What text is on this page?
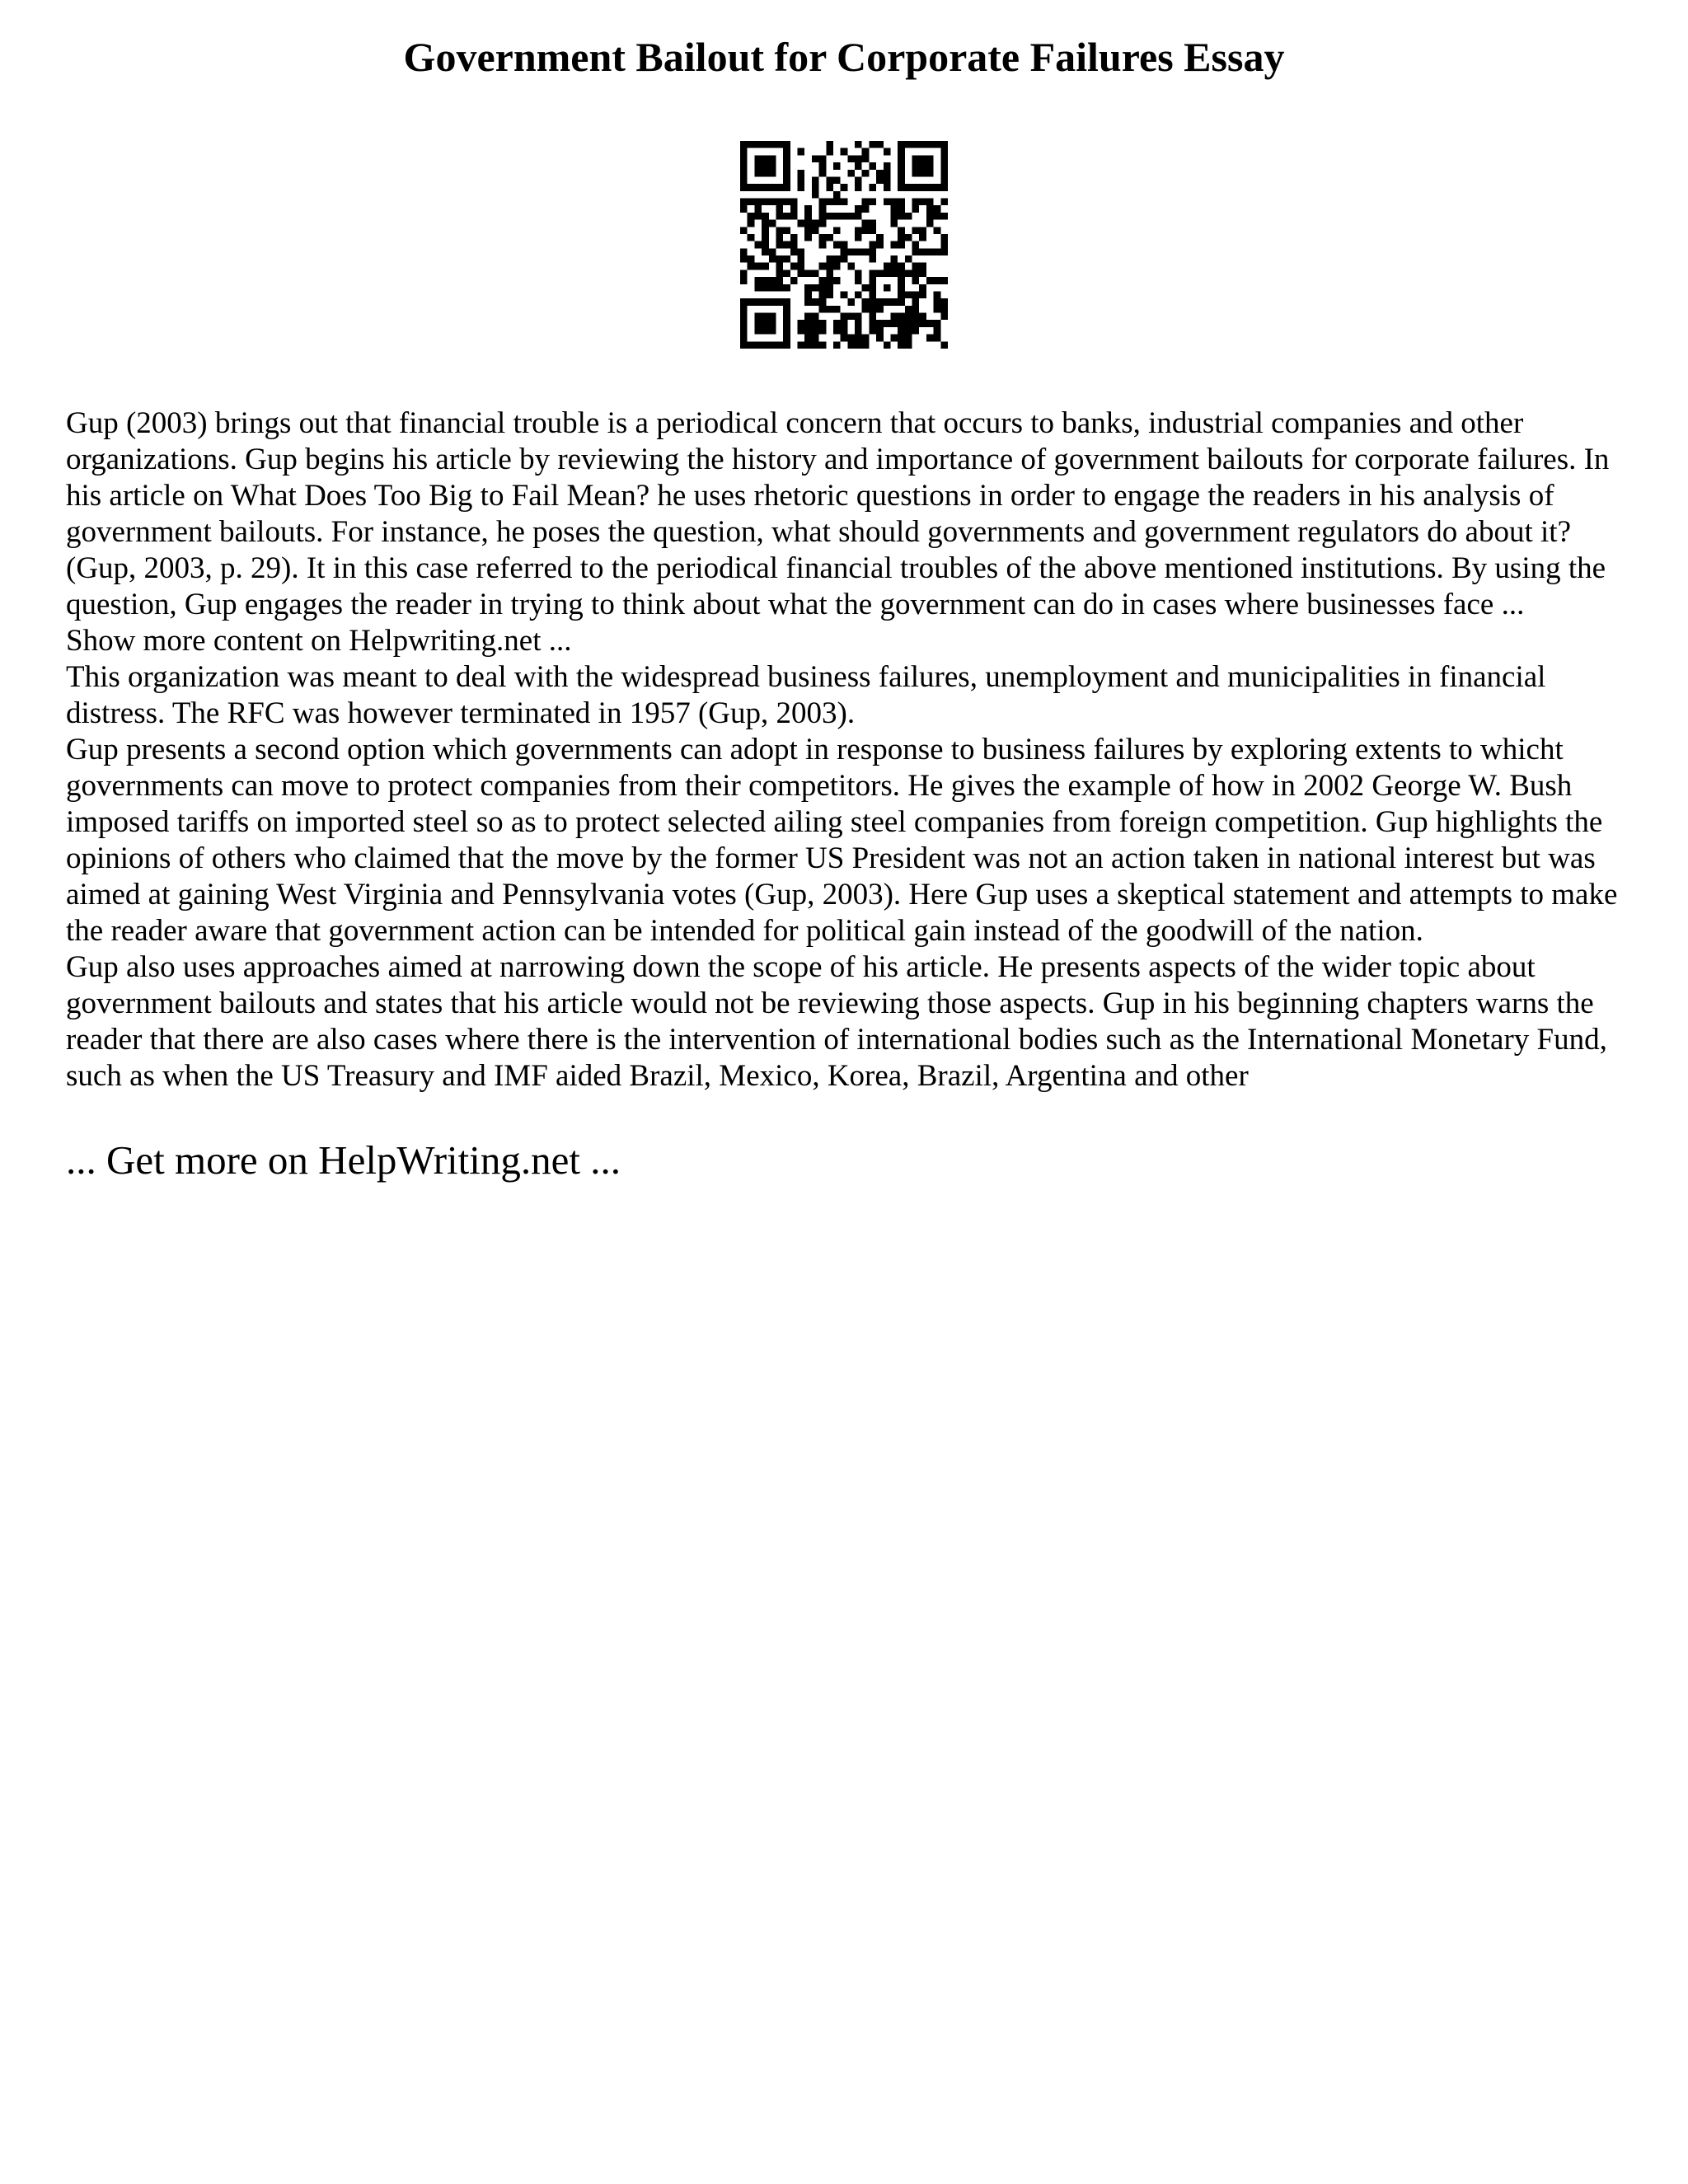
Government Bailout for Corporate Failures Essay

Gup (2003) brings out that financial trouble is a periodical concern that occurs to banks, industrial companies and other organizations. Gup begins his article by reviewing the history and importance of government bailouts for corporate failures. In his article on What Does Too Big to Fail Mean? he uses rhetoric questions in order to engage the readers in his analysis of government bailouts. For instance, he poses the question, what should governments and government regulators do about it? (Gup, 2003, p. 29). It in this case referred to the periodical financial troubles of the above mentioned institutions. By using the question, Gup engages the reader in trying to think about what the government can do in cases where businesses face ...

Show more content on Helpwriting.net ...

This organization was meant to deal with the widespread business failures, unemployment and municipalities in financial distress. The RFC was however terminated in 1957 (Gup, 2003).

Gup presents a second option which governments can adopt in response to business failures by exploring extents to whicht governments can move to protect companies from their competitors. He gives the example of how in 2002 George W. Bush imposed tariffs on imported steel so as to protect selected ailing steel companies from foreign competition. Gup highlights the opinions of others who claimed that the move by the former US President was not an action taken in national interest but was aimed at gaining West Virginia and Pennsylvania votes (Gup, 2003). Here Gup uses a skeptical statement and attempts to make the reader aware that government action can be intended for political gain instead of the goodwill of the nation.

Gup also uses approaches aimed at narrowing down the scope of his article. He presents aspects of the wider topic about government bailouts and states that his article would not be reviewing those aspects. Gup in his beginning chapters warns the reader that there are also cases where there is the intervention of international bodies such as the International Monetary Fund, such as when the US Treasury and IMF aided Brazil, Mexico, Korea, Brazil, Argentina and other

... Get more on HelpWriting.net ...
